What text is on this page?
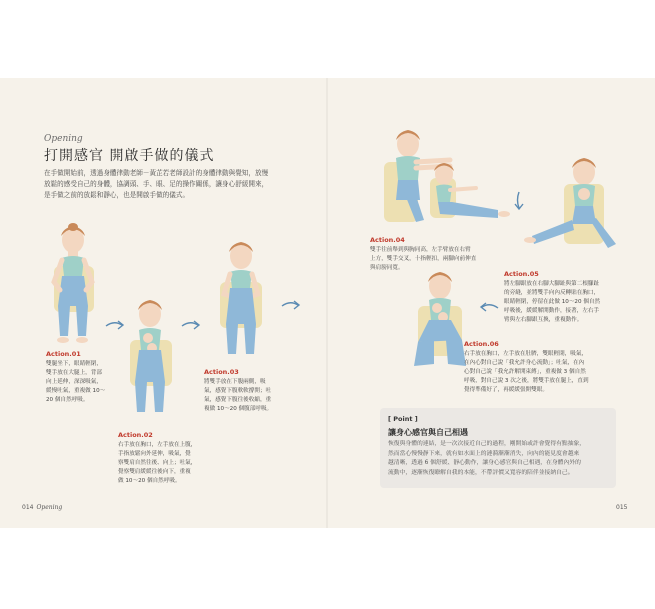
Opening
打開感官 開啟手做的儀式
在手做開始前，透過身體律動老師－黃芷若老師設計的身體律動與覺知，放慢
放鬆的感受自己的身體，協調頭、手、眼、足的操作關係，讓身心舒緩開來，
是手做之前的放鬆和靜心，也是開啟手做的儀式。
Action.01
雙腿坐下，眼睛輕閉，
雙手放在大腿上，背部
向上延伸，深深吸氣，
緩慢吐氣，重複做 10～
20 個自然呼吸。
Action.02
右手放在胸口，左手放在上腹，
手指放鬆向外延伸，吸氣，覺
察雙肩自然往後、向上；吐氣，
覺察雙肩緩緩往後向下，重複
做 10～20 個自然呼吸。
Action.03
將雙手放在下腹兩側，吸
氣，感覺下腹軟軟撐開；吐
氣，感覺下腹往後收縮，重
複做 10～20 個腹部呼吸。
014 Opening
Action.04
雙手往前舉到與胸同高，左手臂放在右臂
上方，雙手交叉，十指輕扣，兩腳向前伸直
與肩膀同寬。
Action.05
將左腳跟放在右腳大腳趾與第二根腳趾
的旁縫，並將雙手向內反轉貼在胸口，
眼睛輕閉，停留在此做 10～20 個自然
呼吸後，緩緩解開動作，接著，左右手
臂與左右腳跟互換，重複動作。
Action.06
右手放在胸口，左手放在肚臍，雙眼輕閉，吸氣，
在內心對自己說「我允許身心流動」；吐氣，在內
心對自己說「我允許解開束縛」，重複做 3 個自然
呼吸，對自己說 3 次之後，將雙手放在腿上，直到
覺得準備好了，再緩緩張開雙眼。
[ Point ]
讓身心感官與自己相遇
恢復與身體的連結，是一次次接近自己的過程，剛開始或許會覺得有點抽象，
然而當心慢慢靜下來，就有如水面上的漣漪漸漸消失，向內的能見度會越來
越清晰，透過 6 個舒緩、靜心動作，讓身心感官與自己相遇，在身體內外的
流動中，逐漸恢復瞭解自我的本能，不帶評價又寬容的陪伴並接納自己。
015
